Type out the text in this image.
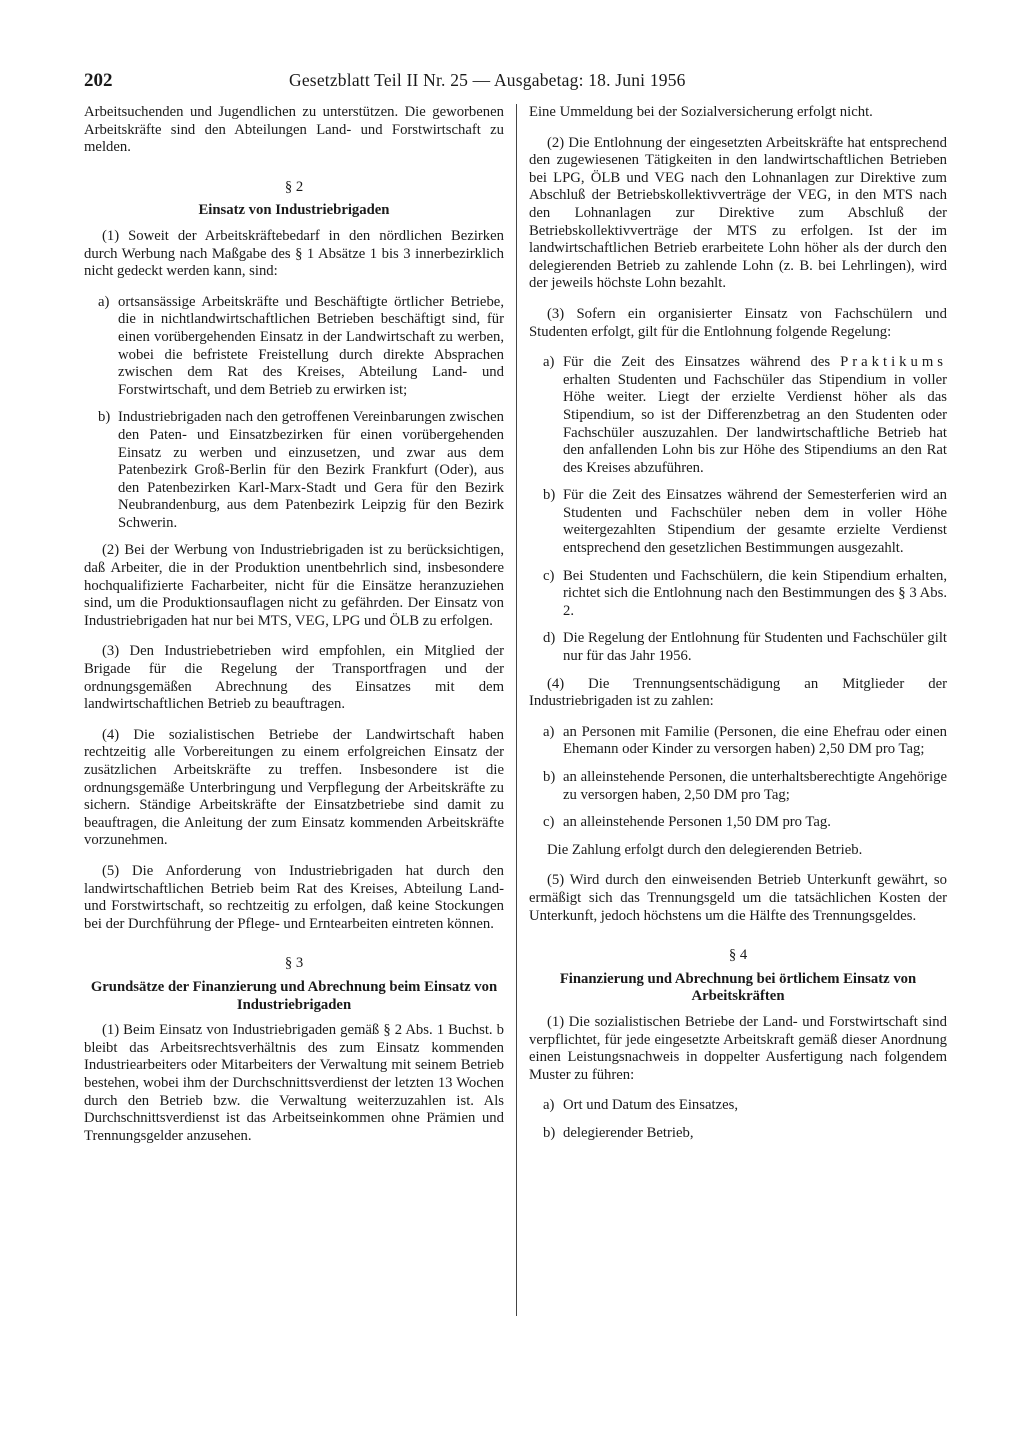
202	Gesetzblatt Teil II Nr. 25 — Ausgabetag: 18. Juni 1956

Arbeitsuchenden und Jugendlichen zu unterstützen. Die geworbenen Arbeitskräfte sind den Abteilungen Land- und Forstwirtschaft zu melden.

§ 2
Einsatz von Industriebrigaden

(1) Soweit der Arbeitskräftebedarf in den nördlichen Bezirken durch Werbung nach Maßgabe des § 1 Absätze 1 bis 3 innerbezirklich nicht gedeckt werden kann, sind:

a) ortsansässige Arbeitskräfte und Beschäftigte örtlicher Betriebe, die in nichtlandwirtschaftlichen Betrieben beschäftigt sind, für einen vorübergehenden Einsatz in der Landwirtschaft zu werben, wobei die befristete Freistellung durch direkte Absprachen zwischen dem Rat des Kreises, Abteilung Land- und Forstwirtschaft, und dem Betrieb zu erwirken ist;
b) Industriebrigaden nach den getroffenen Vereinbarungen zwischen den Paten- und Einsatzbezirken für einen vorübergehenden Einsatz zu werben und einzusetzen, und zwar aus dem Patenbezirk Groß-Berlin für den Bezirk Frankfurt (Oder), aus den Patenbezirken Karl-Marx-Stadt und Gera für den Bezirk Neubrandenburg, aus dem Patenbezirk Leipzig für den Bezirk Schwerin.

(2) Bei der Werbung von Industriebrigaden ist zu berücksichtigen, daß Arbeiter, die in der Produktion unentbehrlich sind, insbesondere hochqualifizierte Facharbeiter, nicht für die Einsätze heranzuziehen sind, um die Produktionsauflagen nicht zu gefährden. Der Einsatz von Industriebrigaden hat nur bei MTS, VEG, LPG und ÖLB zu erfolgen.

(3) Den Industriebetrieben wird empfohlen, ein Mitglied der Brigade für die Regelung der Transportfragen und der ordnungsgemäßen Abrechnung des Einsatzes mit dem landwirtschaftlichen Betrieb zu beauftragen.

(4) Die sozialistischen Betriebe der Landwirtschaft haben rechtzeitig alle Vorbereitungen zu einem erfolgreichen Einsatz der zusätzlichen Arbeitskräfte zu treffen. Insbesondere ist die ordnungsgemäße Unterbringung und Verpflegung der Arbeitskräfte zu sichern. Ständige Arbeitskräfte der Einsatzbetriebe sind damit zu beauftragen, die Anleitung der zum Einsatz kommenden Arbeitskräfte vorzunehmen.

(5) Die Anforderung von Industriebrigaden hat durch den landwirtschaftlichen Betrieb beim Rat des Kreises, Abteilung Land- und Forstwirtschaft, so rechtzeitig zu erfolgen, daß keine Stockungen bei der Durchführung der Pflege- und Erntearbeiten eintreten können.

§ 3
Grundsätze der Finanzierung und Abrechnung beim Einsatz von Industriebrigaden

(1) Beim Einsatz von Industriebrigaden gemäß § 2 Abs. 1 Buchst. b bleibt das Arbeitsrechtsverhältnis des zum Einsatz kommenden Industriearbeiters oder Mitarbeiters der Verwaltung mit seinem Betrieb bestehen, wobei ihm der Durchschnittsverdienst der letzten 13 Wochen durch den Betrieb bzw. die Verwaltung weiterzuzahlen ist. Als Durchschnittsverdienst ist das Arbeitseinkommen ohne Prämien und Trennungsgelder anzusehen.

Eine Ummeldung bei der Sozialversicherung erfolgt nicht.

(2) Die Entlohnung der eingesetzten Arbeitskräfte hat entsprechend den zugewiesenen Tätigkeiten in den landwirtschaftlichen Betrieben bei LPG, ÖLB und VEG nach den Lohnanlagen zur Direktive zum Abschluß der Betriebskollektivverträge der VEG, in den MTS nach den Lohnanlagen zur Direktive zum Abschluß der Betriebskollektivverträge der MTS zu erfolgen. Ist der im landwirtschaftlichen Betrieb erarbeitete Lohn höher als der durch den delegierenden Betrieb zu zahlende Lohn (z. B. bei Lehrlingen), wird der jeweils höchste Lohn bezahlt.

(3) Sofern ein organisierter Einsatz von Fachschülern und Studenten erfolgt, gilt für die Entlohnung folgende Regelung:

a) Für die Zeit des Einsatzes während des Praktikums erhalten Studenten und Fachschüler das Stipendium in voller Höhe weiter. Liegt der erzielte Verdienst höher als das Stipendium, so ist der Differenzbetrag an den Studenten oder Fachschüler auszuzahlen. Der landwirtschaftliche Betrieb hat den anfallenden Lohn bis zur Höhe des Stipendiums an den Rat des Kreises abzuführen.
b) Für die Zeit des Einsatzes während der Semesterferien wird an Studenten und Fachschüler neben dem in voller Höhe weitergezahlten Stipendium der gesamte erzielte Verdienst entsprechend den gesetzlichen Bestimmungen ausgezahlt.
c) Bei Studenten und Fachschülern, die kein Stipendium erhalten, richtet sich die Entlohnung nach den Bestimmungen des § 3 Abs. 2.
d) Die Regelung der Entlohnung für Studenten und Fachschüler gilt nur für das Jahr 1956.

(4) Die Trennungsentschädigung an Mitglieder der Industriebrigaden ist zu zahlen:

a) an Personen mit Familie (Personen, die eine Ehefrau oder einen Ehemann oder Kinder zu versorgen haben) 2,50 DM pro Tag;
b) an alleinstehende Personen, die unterhaltsberechtigte Angehörige zu versorgen haben, 2,50 DM pro Tag;
c) an alleinstehende Personen 1,50 DM pro Tag.

Die Zahlung erfolgt durch den delegierenden Betrieb.

(5) Wird durch den einweisenden Betrieb Unterkunft gewährt, so ermäßigt sich das Trennungsgeld um die tatsächlichen Kosten der Unterkunft, jedoch höchstens um die Hälfte des Trennungsgeldes.

§ 4
Finanzierung und Abrechnung bei örtlichem Einsatz von Arbeitskräften

(1) Die sozialistischen Betriebe der Land- und Forstwirtschaft sind verpflichtet, für jede eingesetzte Arbeitskraft gemäß dieser Anordnung einen Leistungsnachweis in doppelter Ausfertigung nach folgendem Muster zu führen:

a) Ort und Datum des Einsatzes,
b) delegierender Betrieb,
